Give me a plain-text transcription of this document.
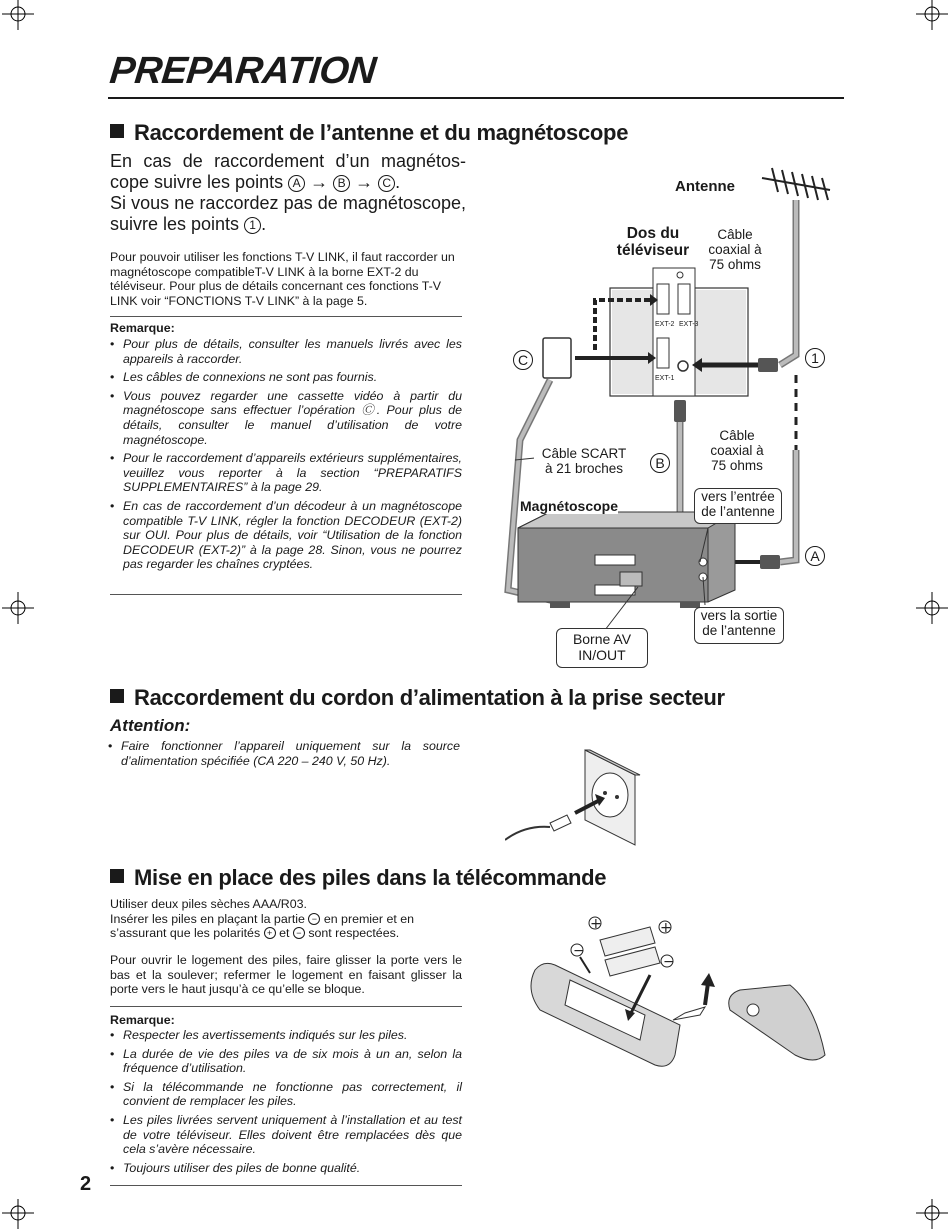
PREPARATION
Raccordement de l’antenne et du magnétoscope
En cas de raccordement d’un magnétos-cope suivre les points A → B → C .
Si vous ne raccordez pas de magnétoscope, suivre les points 1 .
Pour pouvoir utiliser les fonctions T-V LINK, il faut raccorder un magnétoscope compatibleT-V LINK à la borne EXT-2 du téléviseur. Pour plus de détails concernant ces fonctions T-V LINK voir “FONCTIONS T-V LINK” à la page 5.
Remarque:
• Pour plus de détails, consulter les manuels livrés avec les appareils à raccorder.
• Les câbles de connexions ne sont pas fournis.
• Vous pouvez regarder une cassette vidéo à partir du magnétoscope sans effectuer l’opération Ⓒ. Pour plus de détails, consulter le manuel d’utilisation de votre magnétoscope.
• Pour le raccordement d’appareils extérieurs supplémentaires, veuillez vous reporter à la section “PREPARATIFS SUPPLEMENTAIRES” à la page 29.
• En cas de raccordement d’un décodeur à un magnétoscope compatible T-V LINK, régler la fonction DECODEUR (EXT-2) sur OUI. Pour plus de détails, voir “Utilisation de la fonction DECODEUR (EXT-2)” à la page 28. Sinon, vous ne pourrez pas regarder les chaînes cryptées.
Antenne
Dos du
téléviseur
Câble
coaxial à
75 ohms
EXT-2 EXT-3
EXT-1
C	1
B
A
Câble SCART
à 21 broches
Câble
coaxial à
75 ohms
Magnétoscope
vers l’entrée
de l’antenne
vers la sortie
de l’antenne
Borne AV
IN/OUT
Raccordement du cordon d’alimentation à la prise secteur
Attention:
• Faire fonctionner l’appareil uniquement sur la source d’alimentation spécifiée (CA 220 – 240 V, 50 Hz).
Mise en place des piles dans la télécommande
Utiliser deux piles sèches AAA/R03.
Insérer les piles en plaçant la partie − en premier et en s’assurant que les polarités + et − sont respectées.
Pour ouvrir le logement des piles, faire glisser la porte vers le bas et la soulever; refermer le logement en faisant glisser la porte vers le haut jusqu’à ce qu’elle se bloque.
Remarque:
• Respecter les avertissements indiqués sur les piles.
• La durée de vie des piles va de six mois à un an, selon la fréquence d’utilisation.
• Si la télécommande ne fonctionne pas correctement, il convient de remplacer les piles.
• Les piles livrées servent uniquement à l’installation et au test de votre téléviseur. Elles doivent être remplacées dès que cela s’avère nécessaire.
• Toujours utiliser des piles de bonne qualité.
+	+
−
−
2
